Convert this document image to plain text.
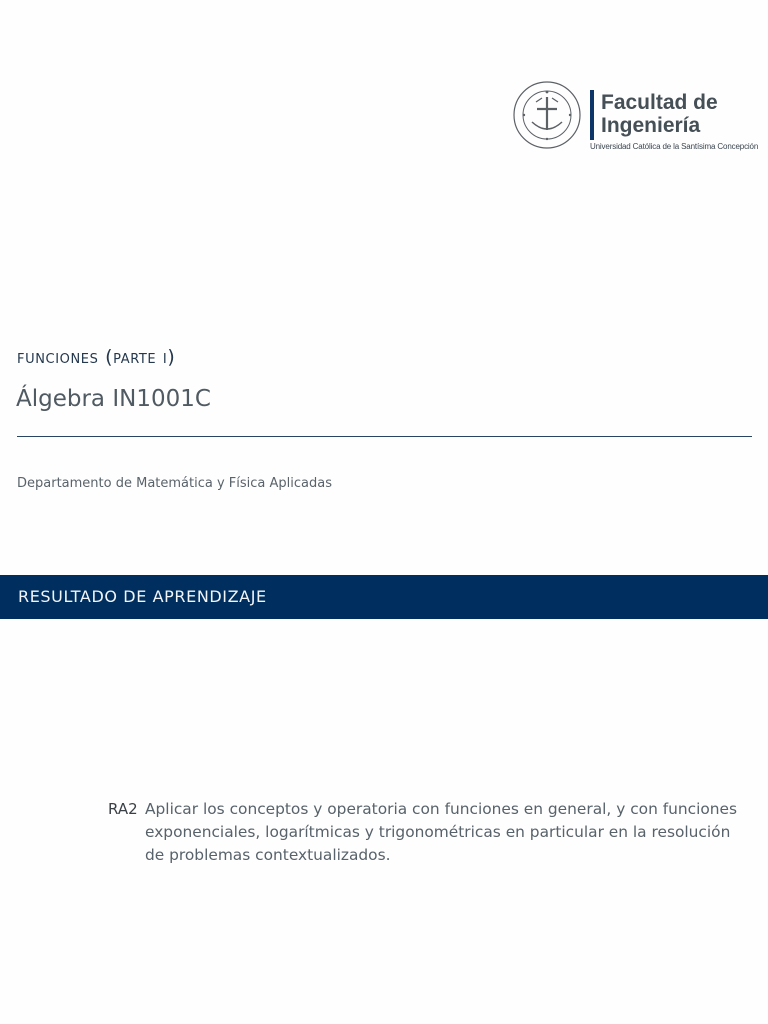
Facultad de
Ingeniería
Universidad Católica de la Santísima Concepción
funciones (parte i)
Álgebra IN1001C
Departamento de Matemática y Física Aplicadas
RESULTADO DE APRENDIZAJE
RA2 Aplicar los conceptos y operatoria con funciones en general, y con funciones exponenciales, logarítmicas y trigonométricas en particular en la resolución de problemas contextualizados.
